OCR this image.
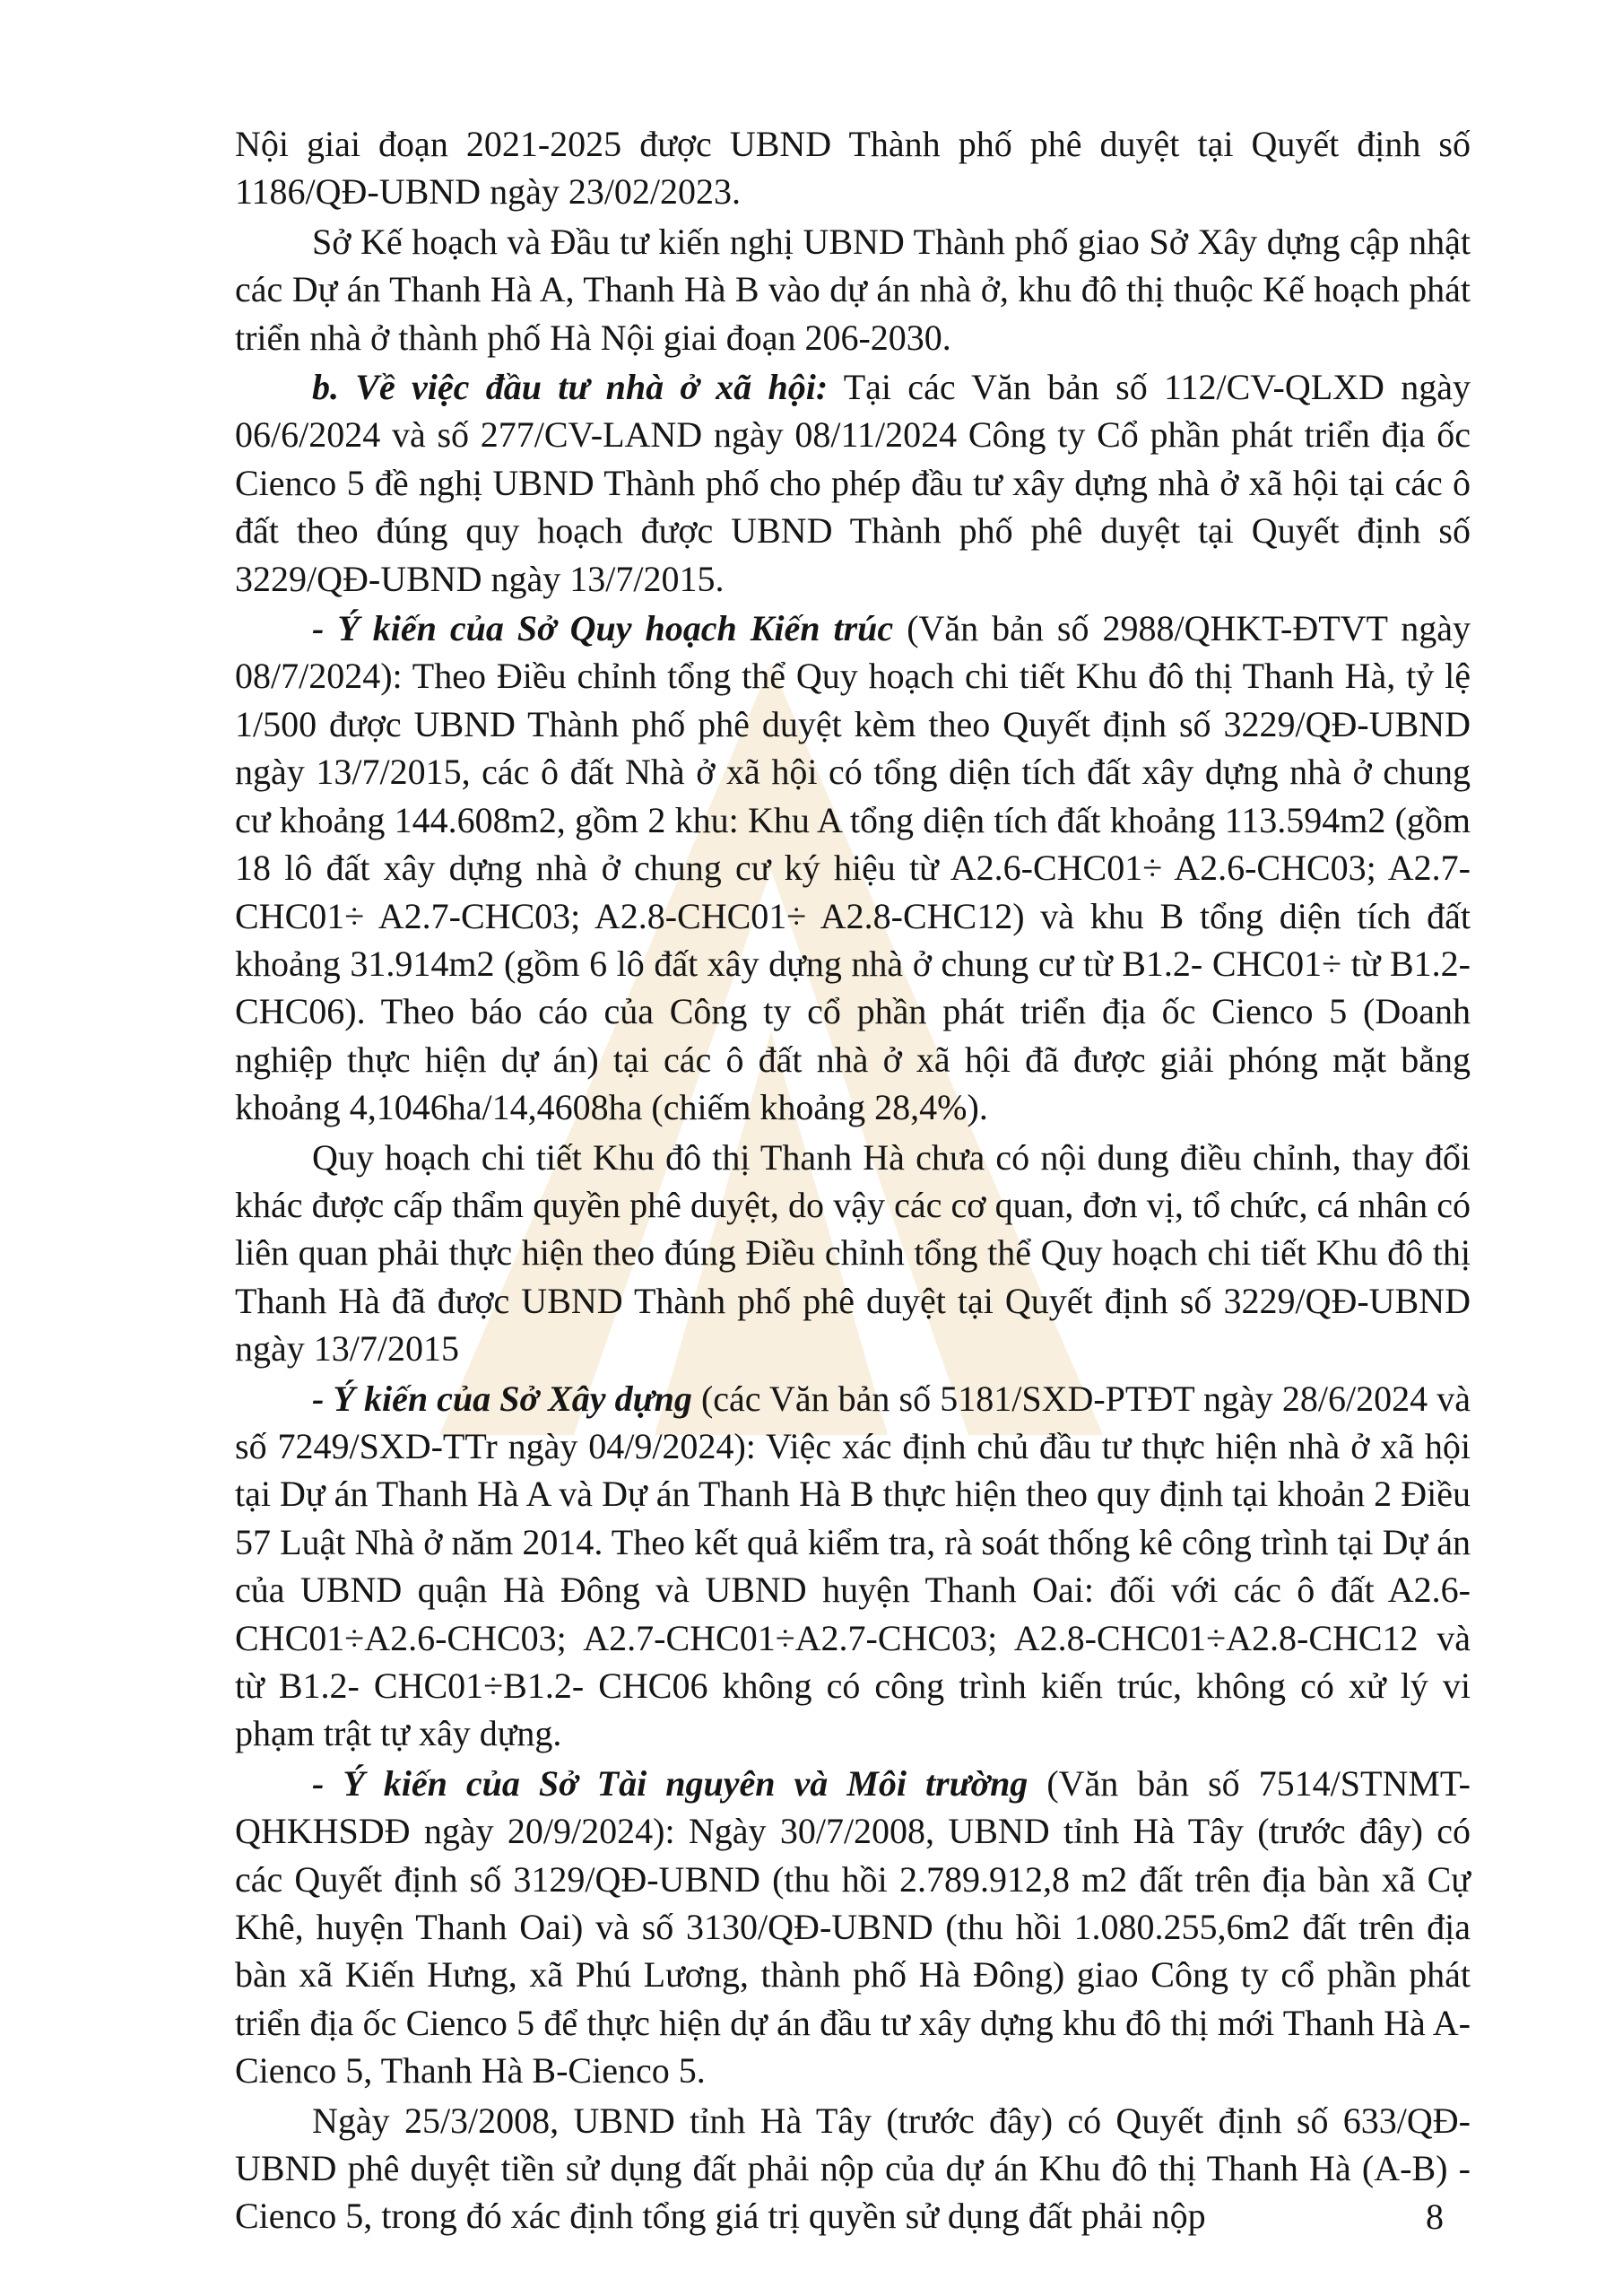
Nội giai đoạn 2021-2025 được UBND Thành phố phê duyệt tại Quyết định số 1186/QĐ-UBND ngày 23/02/2023.

Sở Kế hoạch và Đầu tư kiến nghị UBND Thành phố giao Sở Xây dựng cập nhật các Dự án Thanh Hà A, Thanh Hà B vào dự án nhà ở, khu đô thị thuộc Kế hoạch phát triển nhà ở thành phố Hà Nội giai đoạn 206-2030.

b. Về việc đầu tư nhà ở xã hội: Tại các Văn bản số 112/CV-QLXD ngày 06/6/2024 và số 277/CV-LAND ngày 08/11/2024 Công ty Cổ phần phát triển địa ốc Cienco 5 đề nghị UBND Thành phố cho phép đầu tư xây dựng nhà ở xã hội tại các ô đất theo đúng quy hoạch được UBND Thành phố phê duyệt tại Quyết định số 3229/QĐ-UBND ngày 13/7/2015.

- Ý kiến của Sở Quy hoạch Kiến trúc (Văn bản số 2988/QHKT-ĐTVT ngày 08/7/2024): Theo Điều chỉnh tổng thể Quy hoạch chi tiết Khu đô thị Thanh Hà, tỷ lệ 1/500 được UBND Thành phố phê duyệt kèm theo Quyết định số 3229/QĐ-UBND ngày 13/7/2015, các ô đất Nhà ở xã hội có tổng diện tích đất xây dựng nhà ở chung cư khoảng 144.608m2, gồm 2 khu: Khu A tổng diện tích đất khoảng 113.594m2 (gồm 18 lô đất xây dựng nhà ở chung cư ký hiệu từ A2.6-CHC01÷ A2.6-CHC03; A2.7-CHC01÷ A2.7-CHC03; A2.8-CHC01÷ A2.8-CHC12) và khu B tổng diện tích đất khoảng 31.914m2 (gồm 6 lô đất xây dựng nhà ở chung cư từ B1.2- CHC01÷ từ B1.2- CHC06). Theo báo cáo của Công ty cổ phần phát triển địa ốc Cienco 5 (Doanh nghiệp thực hiện dự án) tại các ô đất nhà ở xã hội đã được giải phóng mặt bằng khoảng 4,1046ha/14,4608ha (chiếm khoảng 28,4%).

Quy hoạch chi tiết Khu đô thị Thanh Hà chưa có nội dung điều chỉnh, thay đổi khác được cấp thẩm quyền phê duyệt, do vậy các cơ quan, đơn vị, tổ chức, cá nhân có liên quan phải thực hiện theo đúng Điều chỉnh tổng thể Quy hoạch chi tiết Khu đô thị Thanh Hà đã được UBND Thành phố phê duyệt tại Quyết định số 3229/QĐ-UBND ngày 13/7/2015

- Ý kiến của Sở Xây dựng (các Văn bản số 5181/SXD-PTĐT ngày 28/6/2024 và số 7249/SXD-TTr ngày 04/9/2024): Việc xác định chủ đầu tư thực hiện nhà ở xã hội tại Dự án Thanh Hà A và Dự án Thanh Hà B thực hiện theo quy định tại khoản 2 Điều 57 Luật Nhà ở năm 2014. Theo kết quả kiểm tra, rà soát thống kê công trình tại Dự án của UBND quận Hà Đông và UBND huyện Thanh Oai: đối với các ô đất A2.6-CHC01÷A2.6-CHC03; A2.7-CHC01÷A2.7-CHC03; A2.8-CHC01÷A2.8-CHC12 và từ B1.2- CHC01÷B1.2- CHC06 không có công trình kiến trúc, không có xử lý vi phạm trật tự xây dựng.

- Ý kiến của Sở Tài nguyên và Môi trường (Văn bản số 7514/STNMT-QHKHSDĐ ngày 20/9/2024): Ngày 30/7/2008, UBND tỉnh Hà Tây (trước đây) có các Quyết định số 3129/QĐ-UBND (thu hồi 2.789.912,8 m2 đất trên địa bàn xã Cự Khê, huyện Thanh Oai) và số 3130/QĐ-UBND (thu hồi 1.080.255,6m2 đất trên địa bàn xã Kiến Hưng, xã Phú Lương, thành phố Hà Đông) giao Công ty cổ phần phát triển địa ốc Cienco 5 để thực hiện dự án đầu tư xây dựng khu đô thị mới Thanh Hà A- Cienco 5, Thanh Hà B-Cienco 5.

Ngày 25/3/2008, UBND tỉnh Hà Tây (trước đây) có Quyết định số 633/QĐ-UBND phê duyệt tiền sử dụng đất phải nộp của dự án Khu đô thị Thanh Hà (A-B) - Cienco 5, trong đó xác định tổng giá trị quyền sử dụng đất phải nộp	8
